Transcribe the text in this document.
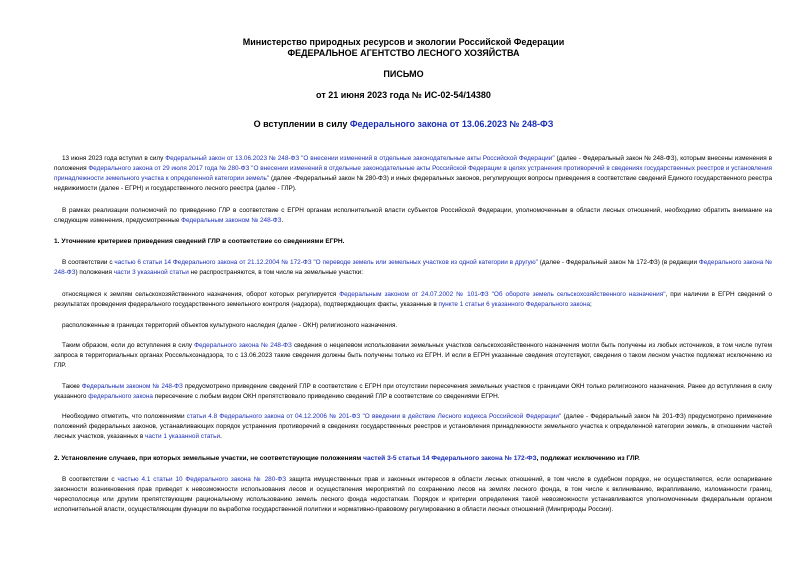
Министерство природных ресурсов и экологии Российской Федерации
ФЕДЕРАЛЬНОЕ АГЕНТСТВО ЛЕСНОГО ХОЗЯЙСТВА
ПИСЬМО
от 21 июня 2023 года № ИС-02-54/14380
О вступлении в силу Федерального закона от 13.06.2023 № 248-ФЗ
13 июня 2023 года вступил в силу Федеральный закон от 13.06.2023 № 248-ФЗ "О внесении изменений в отдельные законодательные акты Российской Федерации" (далее - Федеральный закон № 248-ФЗ), которым внесены изменения в положения Федерального закона от 29 июля 2017 года № 280-ФЗ "О внесении изменений в отдельные законодательные акты Российской Федерации в целях устранения противоречий в сведениях государственных реестров и установления принадлежности земельного участка к определенной категории земель" (далее -Федеральный закон № 280-ФЗ) и иных федеральных законов, регулирующих вопросы приведения в соответствие сведений Единого государственного реестра недвижимости (далее - ЕГРН) и государственного лесного реестра (далее - ГЛР).
В рамках реализации полномочий по приведению ГЛР в соответствие с ЕГРН органам исполнительной власти субъектов Российской Федерации, уполномоченным в области лесных отношений, необходимо обратить внимание на следующие изменения, предусмотренные Федеральным законом № 248-ФЗ.
1. Уточнение критериев приведения сведений ГЛР в соответствие со сведениями ЕГРН.
В соответствии с частью 6 статьи 14 Федерального закона от 21.12.2004 № 172-ФЗ "О переводе земель или земельных участков из одной категории в другую" (далее - Федеральный закон № 172-ФЗ) (в редакции Федерального закона № 248-ФЗ) положения части 3 указанной статьи не распространяются, в том числе на земельные участки:
относящиеся к землям сельскохозяйственного назначения, оборот которых регулируется Федеральным законом от 24.07.2002 № 101-ФЗ "Об обороте земель сельскохозяйственного назначения", при наличии в ЕГРН сведений о результатах проведения федерального государственного земельного контроля (надзора), подтверждающих факты, указанные в пункте 1 статьи 6 указанного Федерального закона;
расположенные в границах территорий объектов культурного наследия (далее - ОКН) религиозного назначения.
Таким образом, если до вступления в силу Федерального закона № 248-ФЗ сведения о нецелевом использовании земельных участков сельскохозяйственного назначения могли быть получены из любых источников, в том числе путем запроса в территориальных органах Россельхознадзора, то с 13.06.2023 такие сведения должны быть получены только из ЕГРН. И если в ЕГРН указанные сведения отсутствуют, сведения о таком лесном участке подлежат исключению из ГЛР.
Также Федеральным законом № 248-ФЗ предусмотрено приведение сведений ГЛР в соответствие с ЕГРН при отсутствии пересечения земельных участков с границами ОКН только религиозного назначения. Ранее до вступления в силу указанного федерального закона пересечение с любым видом ОКН препятствовало приведению сведений ГЛР в соответствие со сведениями ЕГРН.
Необходимо отметить, что положениями статьи 4.8 Федерального закона от 04.12.2006 № 201-ФЗ "О введении в действие Лесного кодекса Российской Федерации" (далее - Федеральный закон № 201-ФЗ) предусмотрено применение положений федеральных законов, устанавливающих порядок устранения противоречий в сведениях государственных реестров и установления принадлежности земельного участка к определенной категории земель, в отношении частей лесных участков, указанных в части 1 указанной статьи.
2. Установление случаев, при которых земельные участки, не соответствующие положениям частей 3-5 статьи 14 Федерального закона № 172-ФЗ, подлежат исключению из ГЛР.
В соответствии с частью 4.1 статьи 10 Федерального закона № 280-ФЗ защита имущественных прав и законных интересов в области лесных отношений, в том числе в судебном порядке, не осуществляется, если оспаривание законности возникновения прав приведет к невозможности использования лесов и осуществления мероприятий по сохранению лесов на землях лесного фонда, в том числе к вклиниванию, вкрапливанию, изломанности границ, чересполосице или другим препятствующим рациональному использованию земель лесного фонда недостаткам. Порядок и критерии определения такой невозможности устанавливаются уполномоченным федеральным органом исполнительной власти, осуществляющим функции по выработке государственной политики и нормативно-правовому регулированию в области лесных отношений (Минприроды России).
